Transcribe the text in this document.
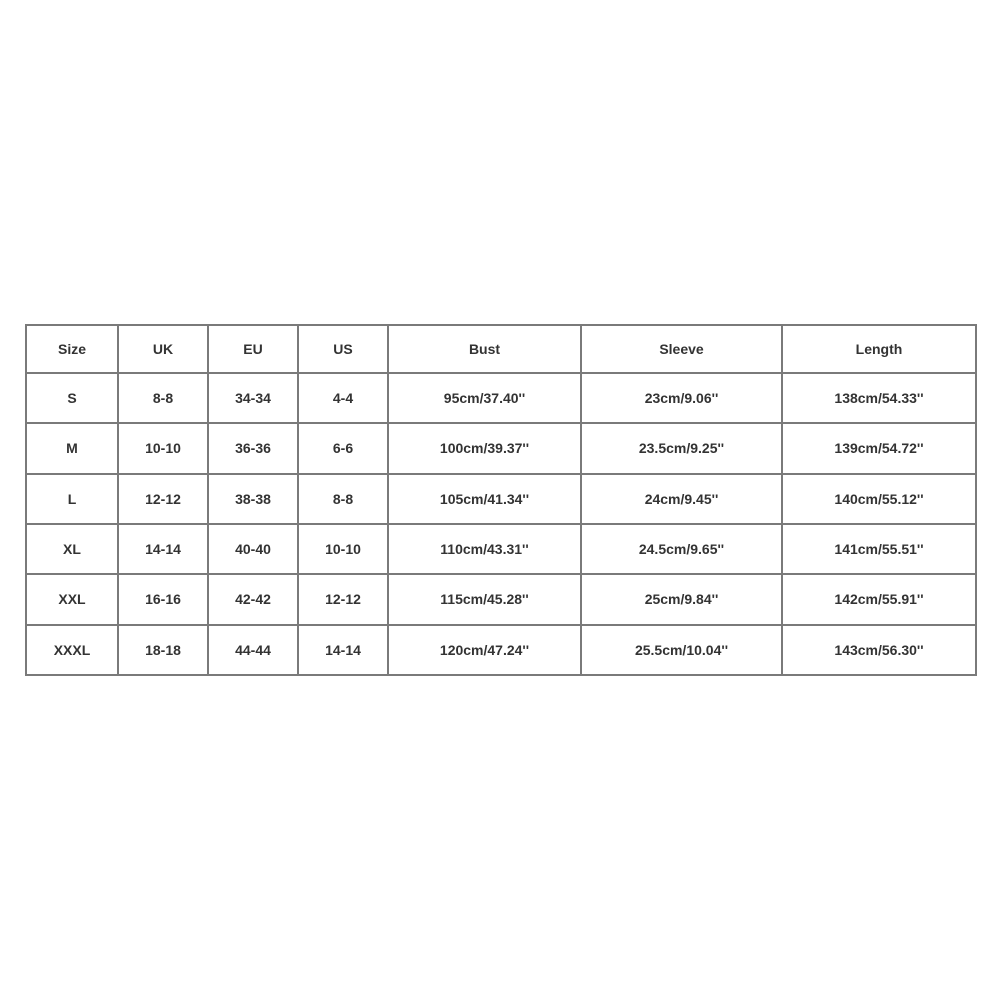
Size	UK	EU	US	Bust	Sleeve	Length
S	8-8	34-34	4-4	95cm/37.40''	23cm/9.06''	138cm/54.33''
M	10-10	36-36	6-6	100cm/39.37''	23.5cm/9.25''	139cm/54.72''
L	12-12	38-38	8-8	105cm/41.34''	24cm/9.45''	140cm/55.12''
XL	14-14	40-40	10-10	110cm/43.31''	24.5cm/9.65''	141cm/55.51''
XXL	16-16	42-42	12-12	115cm/45.28''	25cm/9.84''	142cm/55.91''
XXXL	18-18	44-44	14-14	120cm/47.24''	25.5cm/10.04''	143cm/56.30''
